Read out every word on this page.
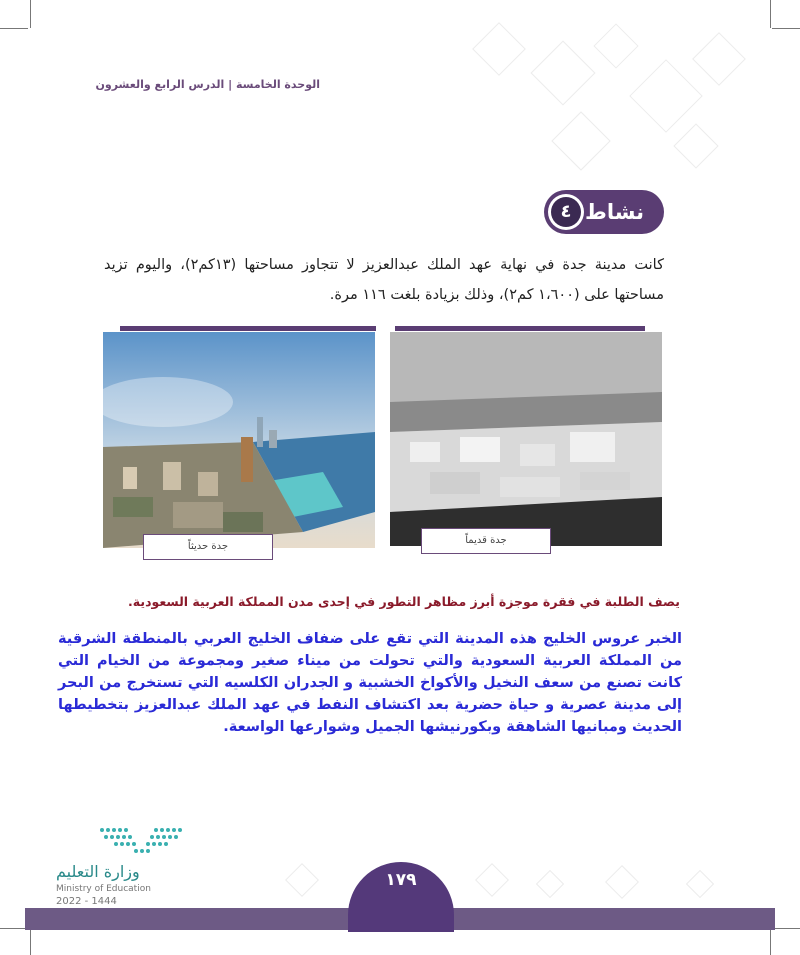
الوحدة الخامسة | الدرس الرابع والعشرون
نشاط
٤
كانت مدينة جدة في نهاية عهد الملك عبدالعزيز لا تتجاوز مساحتها (١٣كم٢)، واليوم تزيد مساحتها على (١،٦٠٠ كم٢)، وذلك بزيادة بلغت ١١٦ مرة.
جدة حديثاً
جدة قديماً
يصف الطلبة في فقرة موجزة أبرز مظاهر التطور في إحدى مدن المملكة العربية السعودية.
الخبر عروس الخليج هذه المدينة التي تقع على ضفاف الخليج العربي بالمنطقة الشرقية من المملكة العربية السعودية والتي تحولت من ميناء صغير ومجموعة من الخيام التي كانت تصنع من سعف النخيل والأكواخ الخشبية و الجدران الكلسيه التي تستخرج من البحر إلى مدينة عصرية و حياة حضرية بعد اكتشاف النفط في عهد الملك عبدالعزيز بتخطيطها الحديث ومبانيها الشاهقة وبكورنيشها الجميل وشوارعها الواسعة.
وزارة التعليم
Ministry of Education
2022 - 1444
١٧٩
